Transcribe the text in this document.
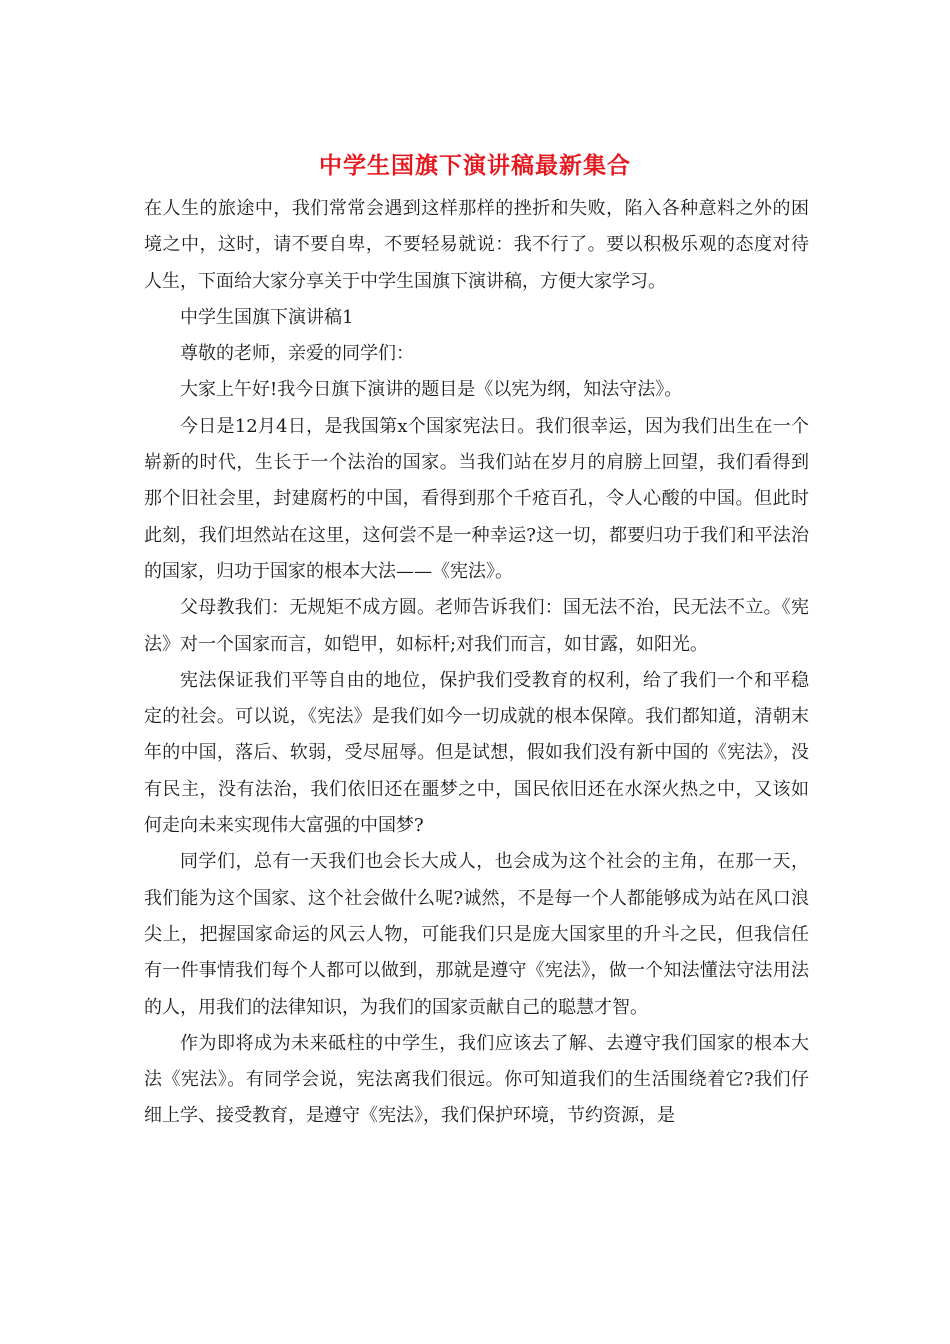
中学生国旗下演讲稿最新集合

在人生的旅途中，我们常常会遇到这样那样的挫折和失败，陷入各种意料之外的困境之中，这时，请不要自卑，不要轻易就说：我不行了。要以积极乐观的态度对待人生，下面给大家分享关于中学生国旗下演讲稿，方便大家学习。

中学生国旗下演讲稿1

尊敬的老师，亲爱的同学们：

大家上午好!我今日旗下演讲的题目是《以宪为纲，知法守法》。

今日是12月4日，是我国第x个国家宪法日。我们很幸运，因为我们出生在一个崭新的时代，生长于一个法治的国家。当我们站在岁月的肩膀上回望，我们看得到那个旧社会里，封建腐朽的中国，看得到那个千疮百孔，令人心酸的中国。但此时此刻，我们坦然站在这里，这何尝不是一种幸运?这一切，都要归功于我们和平法治的国家，归功于国家的根本大法——《宪法》。

父母教我们：无规矩不成方圆。老师告诉我们：国无法不治，民无法不立。《宪法》对一个国家而言，如铠甲，如标杆;对我们而言，如甘露，如阳光。

宪法保证我们平等自由的地位，保护我们受教育的权利，给了我们一个和平稳定的社会。可以说，《宪法》是我们如今一切成就的根本保障。我们都知道，清朝末年的中国，落后、软弱，受尽屈辱。但是试想，假如我们没有新中国的《宪法》，没有民主，没有法治，我们依旧还在噩梦之中，国民依旧还在水深火热之中，又该如何走向未来实现伟大富强的中国梦?

同学们，总有一天我们也会长大成人，也会成为这个社会的主角，在那一天，我们能为这个国家、这个社会做什么呢?诚然，不是每一个人都能够成为站在风口浪尖上，把握国家命运的风云人物，可能我们只是庞大国家里的升斗之民，但我信任有一件事情我们每个人都可以做到，那就是遵守《宪法》，做一个知法懂法守法用法的人，用我们的法律知识，为我们的国家贡献自己的聪慧才智。

作为即将成为未来砥柱的中学生，我们应该去了解、去遵守我们国家的根本大法《宪法》。有同学会说，宪法离我们很远。你可知道我们的生活围绕着它?我们仔细上学、接受教育，是遵守《宪法》，我们保护环境，节约资源，是
